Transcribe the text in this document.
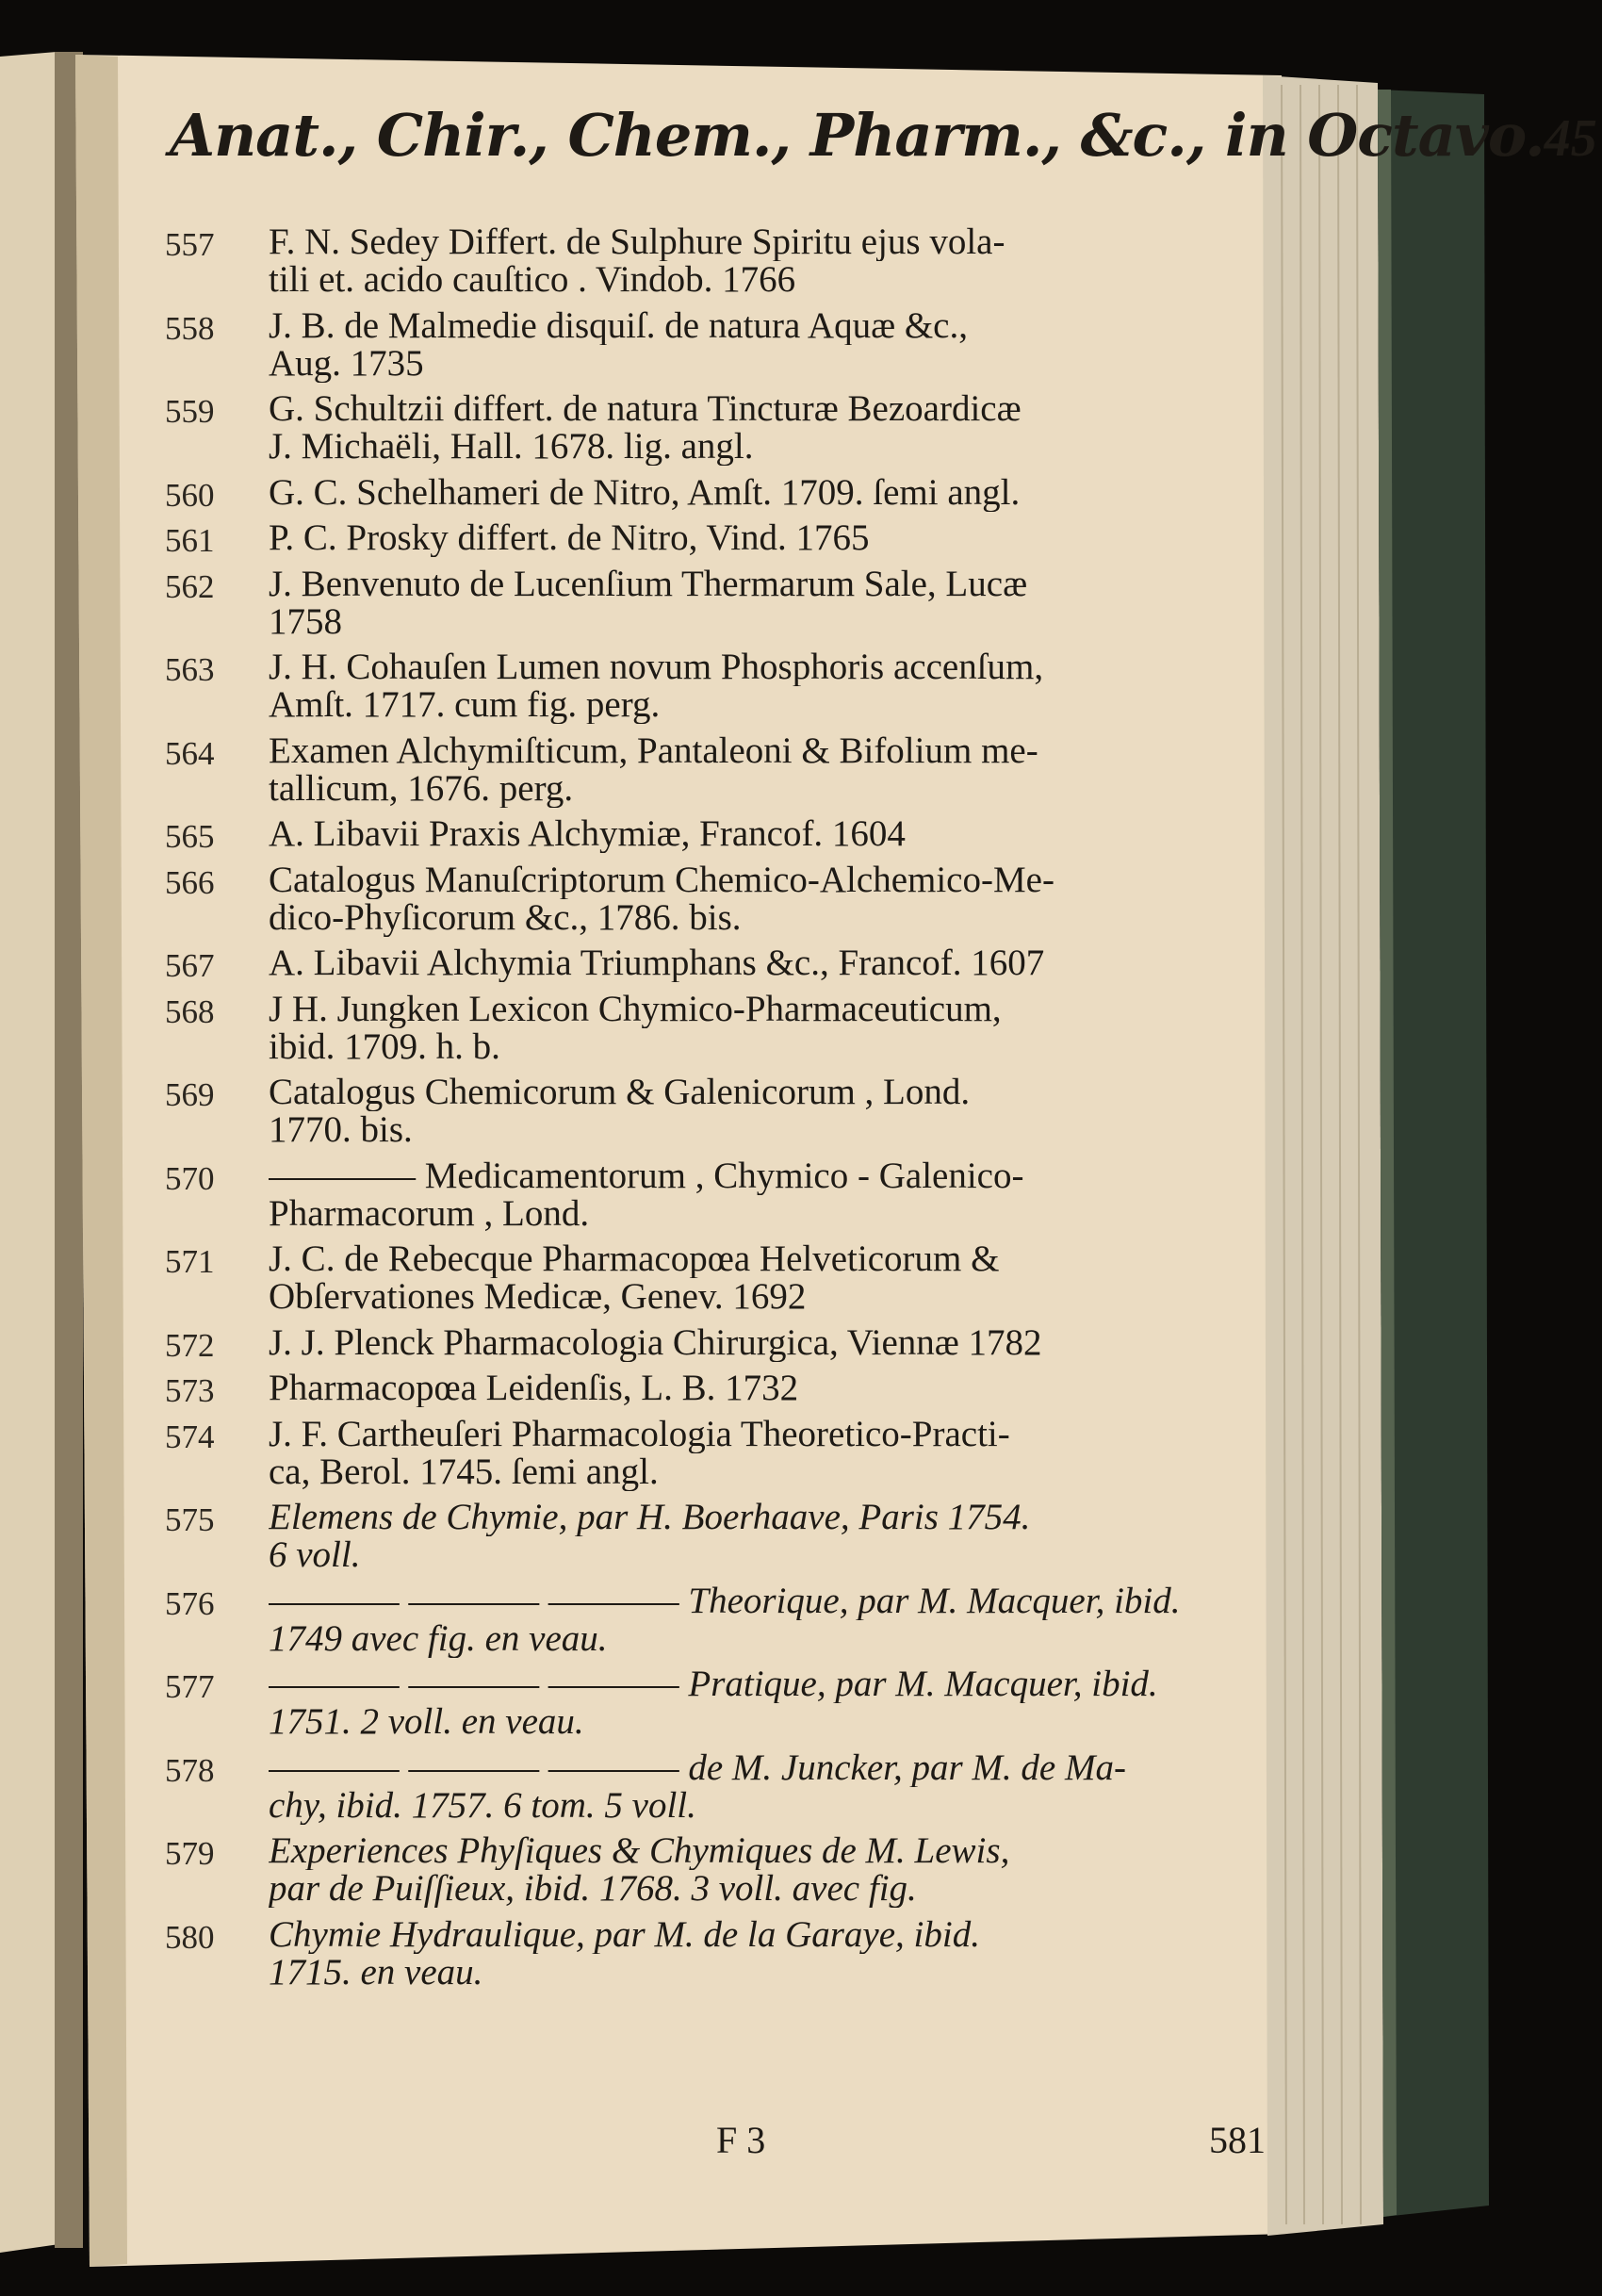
Anat., Chir., Chem., Pharm., &c., in Octavo. 45
557	F. N. Sedey Differt. de Sulphure Spiritu ejus vola-
tili et. acido cauſtico . Vindob. 1766
558	J. B. de Malmedie disquiſ. de natura Aquæ &c.,
Aug. 1735
559	G. Schultzii differt. de natura Tincturæ Bezoardicæ
J. Michaëli, Hall. 1678. lig. angl.
560	G. C. Schelhameri de Nitro, Amſt. 1709. ſemi angl.
561	P. C. Prosky differt. de Nitro, Vind. 1765
562	J. Benvenuto de Lucenſium Thermarum Sale, Lucæ
1758
563	J. H. Cohauſen Lumen novum Phosphoris accenſum,
Amſt. 1717. cum fig. perg.
564	Examen Alchymiſticum, Pantaleoni & Bifolium me-
tallicum, 1676. perg.
565	A. Libavii Praxis Alchymiæ, Francof. 1604
566	Catalogus Manuſcriptorum Chemico-Alchemico-Me-
dico-Phyſicorum &c., 1786. bis.
567	A. Libavii Alchymia Triumphans &c., Francof. 1607
568	J H. Jungken Lexicon Chymico-Pharmaceuticum,
ibid. 1709. h. b.
569	Catalogus Chemicorum & Galenicorum , Lond.
1770. bis.
570	———— Medicamentorum , Chymico - Galenico-
Pharmacorum , Lond.
571	J. C. de Rebecque Pharmacopœa Helveticorum &
Obſervationes Medicæ, Genev. 1692
572	J. J. Plenck Pharmacologia Chirurgica, Viennæ 1782
573	Pharmacopœa Leidenſis, L. B. 1732
574	J. F. Cartheuſeri Pharmacologia Theoretico-Practi-
ca, Berol. 1745. ſemi angl.
575	Elemens de Chymie, par H. Boerhaave, Paris 1754.
6 voll.
576	———— ———— ———— Theorique, par M. Macquer, ibid.
1749 avec fig. en veau.
577	———— ———— ———— Pratique, par M. Macquer, ibid.
1751. 2 voll. en veau.
578	———— ———— ———— de M. Juncker, par M. de Ma-
chy, ibid. 1757. 6 tom. 5 voll.
579	Experiences Phyſiques & Chymiques de M. Lewis,
par de Puiſſieux, ibid. 1768. 3 voll. avec fig.
580	Chymie Hydraulique, par M. de la Garaye, ibid.
1715. en veau.
F 3	581
